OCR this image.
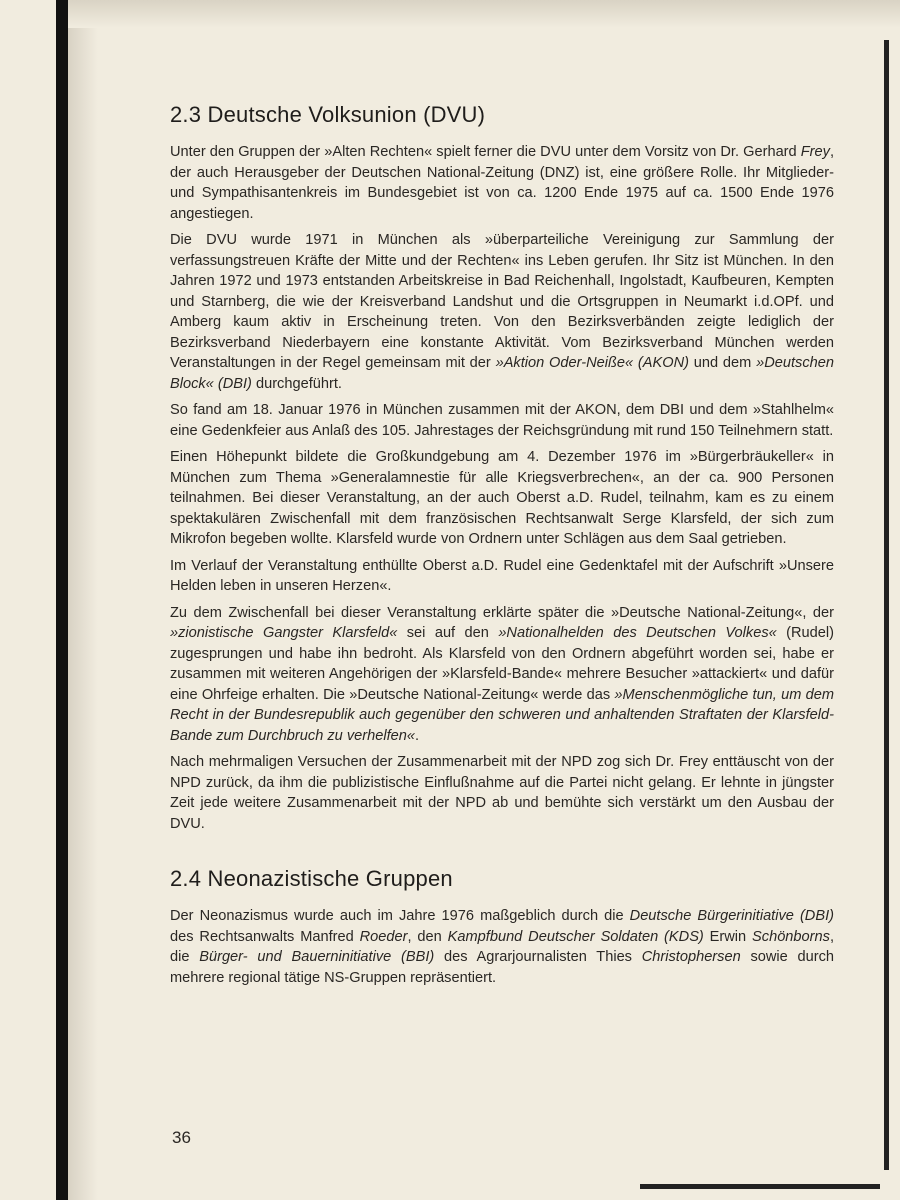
2.3 Deutsche Volksunion (DVU)

Unter den Gruppen der »Alten Rechten« spielt ferner die DVU unter dem Vorsitz von Dr. Gerhard Frey, der auch Herausgeber der Deutschen National-Zeitung (DNZ) ist, eine größere Rolle. Ihr Mitglieder- und Sympathisantenkreis im Bundesgebiet ist von ca. 1200 Ende 1975 auf ca. 1500 Ende 1976 angestiegen.

Die DVU wurde 1971 in München als »überparteiliche Vereinigung zur Sammlung der verfassungstreuen Kräfte der Mitte und der Rechten« ins Leben gerufen. Ihr Sitz ist München. In den Jahren 1972 und 1973 entstanden Arbeitskreise in Bad Reichenhall, Ingolstadt, Kaufbeuren, Kempten und Starnberg, die wie der Kreisverband Landshut und die Ortsgruppen in Neumarkt i.d.OPf. und Amberg kaum aktiv in Erscheinung treten. Von den Bezirksverbänden zeigte lediglich der Bezirksverband Niederbayern eine konstante Aktivität. Vom Bezirksverband München werden Veranstaltungen in der Regel gemeinsam mit der »Aktion Oder-Neiße« (AKON) und dem »Deutschen Block« (DBI) durchgeführt.

So fand am 18. Januar 1976 in München zusammen mit der AKON, dem DBI und dem »Stahlhelm« eine Gedenkfeier aus Anlaß des 105. Jahrestages der Reichsgründung mit rund 150 Teilnehmern statt.

Einen Höhepunkt bildete die Großkundgebung am 4. Dezember 1976 im »Bürgerbräukeller« in München zum Thema »Generalamnestie für alle Kriegsverbrechen«, an der ca. 900 Personen teilnahmen. Bei dieser Veranstaltung, an der auch Oberst a.D. Rudel, teilnahm, kam es zu einem spektakulären Zwischenfall mit dem französischen Rechtsanwalt Serge Klarsfeld, der sich zum Mikrofon begeben wollte. Klarsfeld wurde von Ordnern unter Schlägen aus dem Saal getrieben.

Im Verlauf der Veranstaltung enthüllte Oberst a.D. Rudel eine Gedenktafel mit der Aufschrift »Unsere Helden leben in unseren Herzen«.

Zu dem Zwischenfall bei dieser Veranstaltung erklärte später die »Deutsche National-Zeitung«, der »zionistische Gangster Klarsfeld« sei auf den »Nationalhelden des Deutschen Volkes« (Rudel) zugesprungen und habe ihn bedroht. Als Klarsfeld von den Ordnern abgeführt worden sei, habe er zusammen mit weiteren Angehörigen der »Klarsfeld-Bande« mehrere Besucher »attackiert« und dafür eine Ohrfeige erhalten. Die »Deutsche National-Zeitung« werde das »Menschenmögliche tun, um dem Recht in der Bundesrepublik auch gegenüber den schweren und anhaltenden Straftaten der Klarsfeld-Bande zum Durchbruch zu verhelfen«.

Nach mehrmaligen Versuchen der Zusammenarbeit mit der NPD zog sich Dr. Frey enttäuscht von der NPD zurück, da ihm die publizistische Einflußnahme auf die Partei nicht gelang. Er lehnte in jüngster Zeit jede weitere Zusammenarbeit mit der NPD ab und bemühte sich verstärkt um den Ausbau der DVU.

2.4 Neonazistische Gruppen

Der Neonazismus wurde auch im Jahre 1976 maßgeblich durch die Deutsche Bürgerinitiative (DBI) des Rechtsanwalts Manfred Roeder, den Kampfbund Deutscher Soldaten (KDS) Erwin Schönborns, die Bürger- und Bauerninitiative (BBI) des Agrarjournalisten Thies Christophersen sowie durch mehrere regional tätige NS-Gruppen repräsentiert.

36
